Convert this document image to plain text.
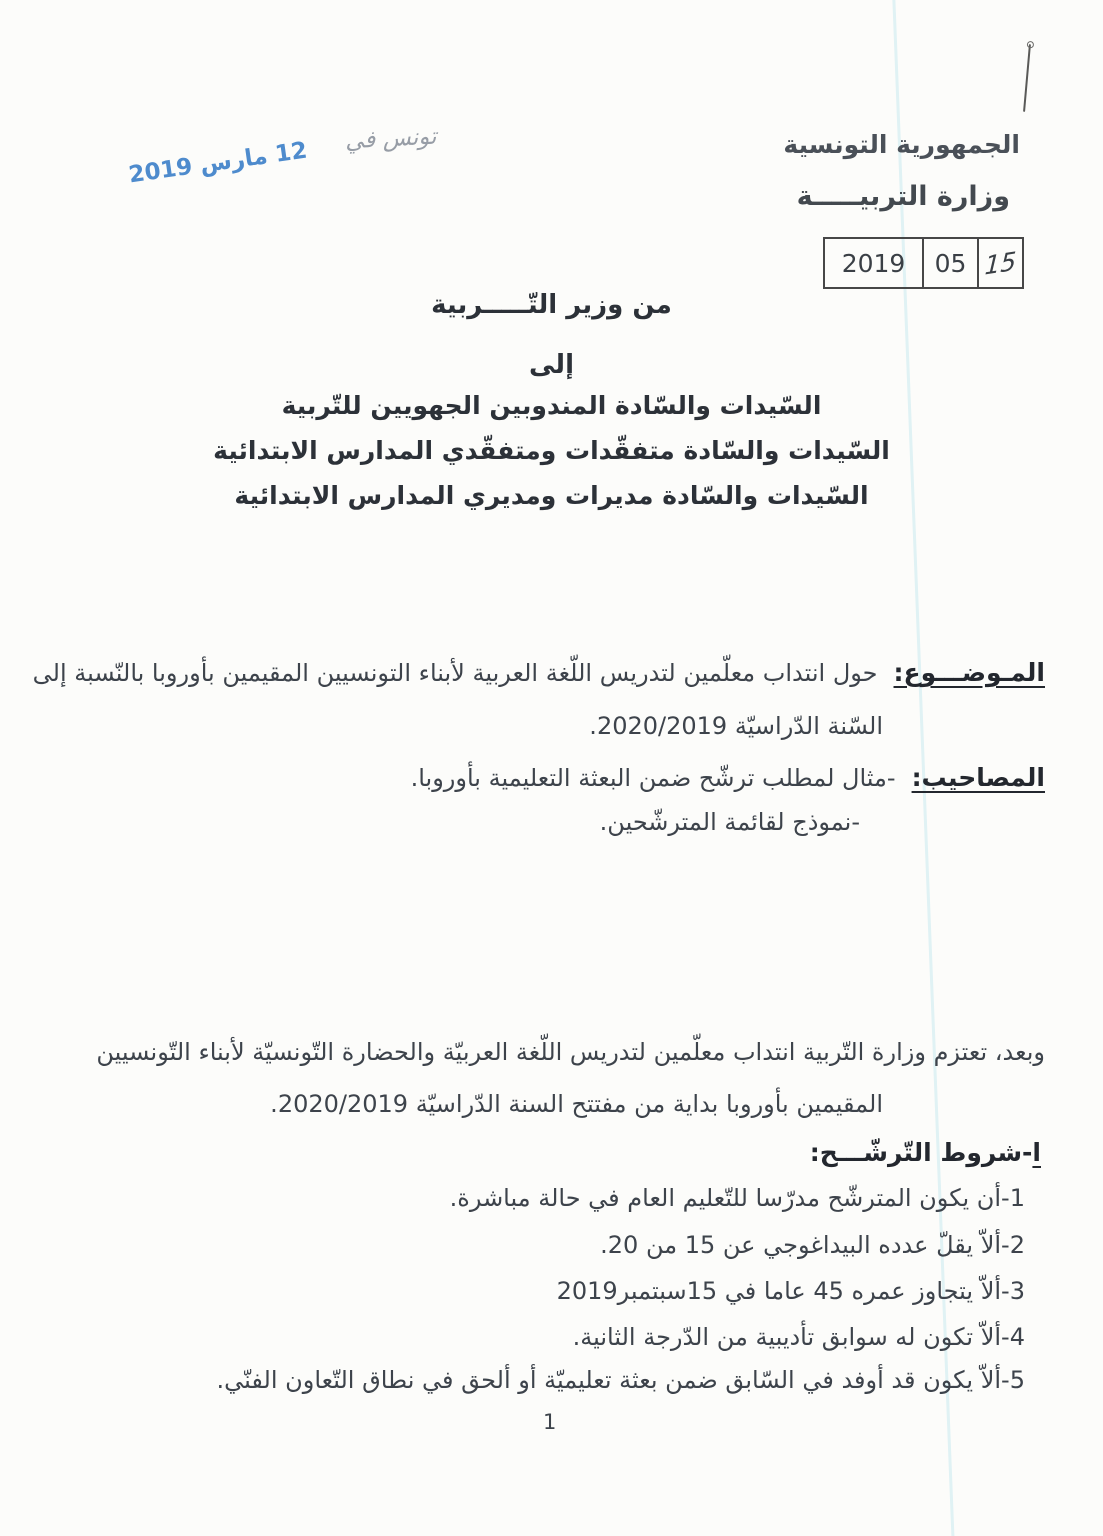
الجمهورية التونسية
تونس في
12 مارس 2019
وزارة التربيـــــة
2019	05 15
من وزير التّـــــربية
إلى
السّيدات والسّادة المندوبين الجهويين للتّربية
السّيدات والسّادة متفقّدات ومتفقّدي المدارس الابتدائية
السّيدات والسّادة مديرات ومديري المدارس الابتدائية
المـوضـــوع:حول انتداب معلّمين لتدريس اللّغة العربية لأبناء التونسيين المقيمين بأوروبا بالنّسبة إلى
السّنة الدّراسيّة 2020/2019.
المصاحيب:-مثال لمطلب ترشّح ضمن البعثة التعليمية بأوروبا.
-نموذج لقائمة المترشّحين.
وبعد، تعتزم وزارة التّربية انتداب معلّمين لتدريس اللّغة العربيّة والحضارة التّونسيّة لأبناء التّونسيين
المقيمين بأوروبا بداية من مفتتح السنة الدّراسيّة 2020/2019.
ا-شروط التّرشّـــح:
1-أن يكون المترشّح مدرّسا للتّعليم العام في حالة مباشرة.
2-ألاّ يقلّ عدده البيداغوجي عن 15 من 20.
3-ألاّ يتجاوز عمره 45 عاما في 15سبتمبر2019
4-ألاّ تكون له سوابق تأديبية من الدّرجة الثانية.
5-ألاّ يكون قد أوفد في السّابق ضمن بعثة تعليميّة أو ألحق في نطاق التّعاون الفنّي.
1
